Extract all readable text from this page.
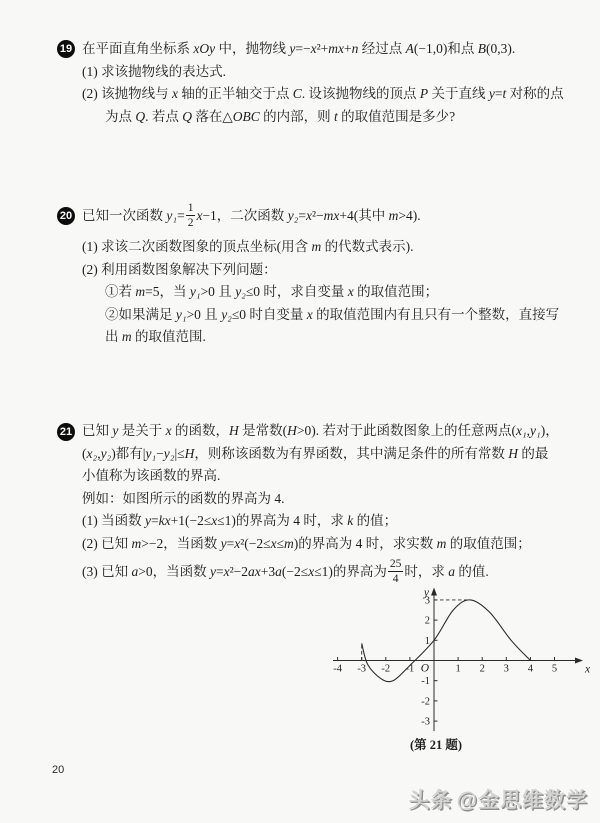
19 在平面直角坐标系 xOy 中，抛物线 y=−x²+mx+n 经过点 A(−1,0)和点 B(0,3).
(1) 求该抛物线的表达式.
(2) 该抛物线与 x 轴的正半轴交于点 C. 设该抛物线的顶点 P 关于直线 y=t 对称的点
为点 Q. 若点 Q 落在△OBC 的内部，则 t 的取值范围是多少?
20 已知一次函数 $y_1= \frac{1}{2} x-1$，二次函数 y₂=x²−mx+4(其中 m>4).
(1) 求该二次函数图象的顶点坐标(用含 m 的代数式表示).
(2) 利用函数图象解决下列问题：
①若 m=5，当 y₁>0 且 y₂≤0 时，求自变量 x 的取值范围；
②如果满足 y₁>0 且 y₂≤0 时自变量 x 的取值范围内有且只有一个整数，直接写
出 m 的取值范围.
21 已知 y 是关于 x 的函数，H 是常数(H>0). 若对于此函数图象上的任意两点(x₁,y₁)，
(x₂,y₂)都有|y₁−y₂|≤H，则称该函数为有界函数，其中满足条件的所有常数 H 的最
小值称为该函数的界高.
例如：如图所示的函数的界高为 4.
(1) 当函数 y=kx+1(−2≤x≤1)的界高为 4 时，求 k 的值；
(2) 已知 m>−2，当函数 y=x²(−2≤x≤m)的界高为 4 时，求实数 m 的取值范围；
(3) 已知 a>0，当函数 y=x²−2ax+3a(−2≤x≤1)的界高为 $\frac{25}{4}$ 时，求 a 的值.
-4 -3 -2 -1	1 2 3 4 5
3
2
1
-1
-2
-3
y
x
O
(第 21 题)
20
头条 @金思维数学
